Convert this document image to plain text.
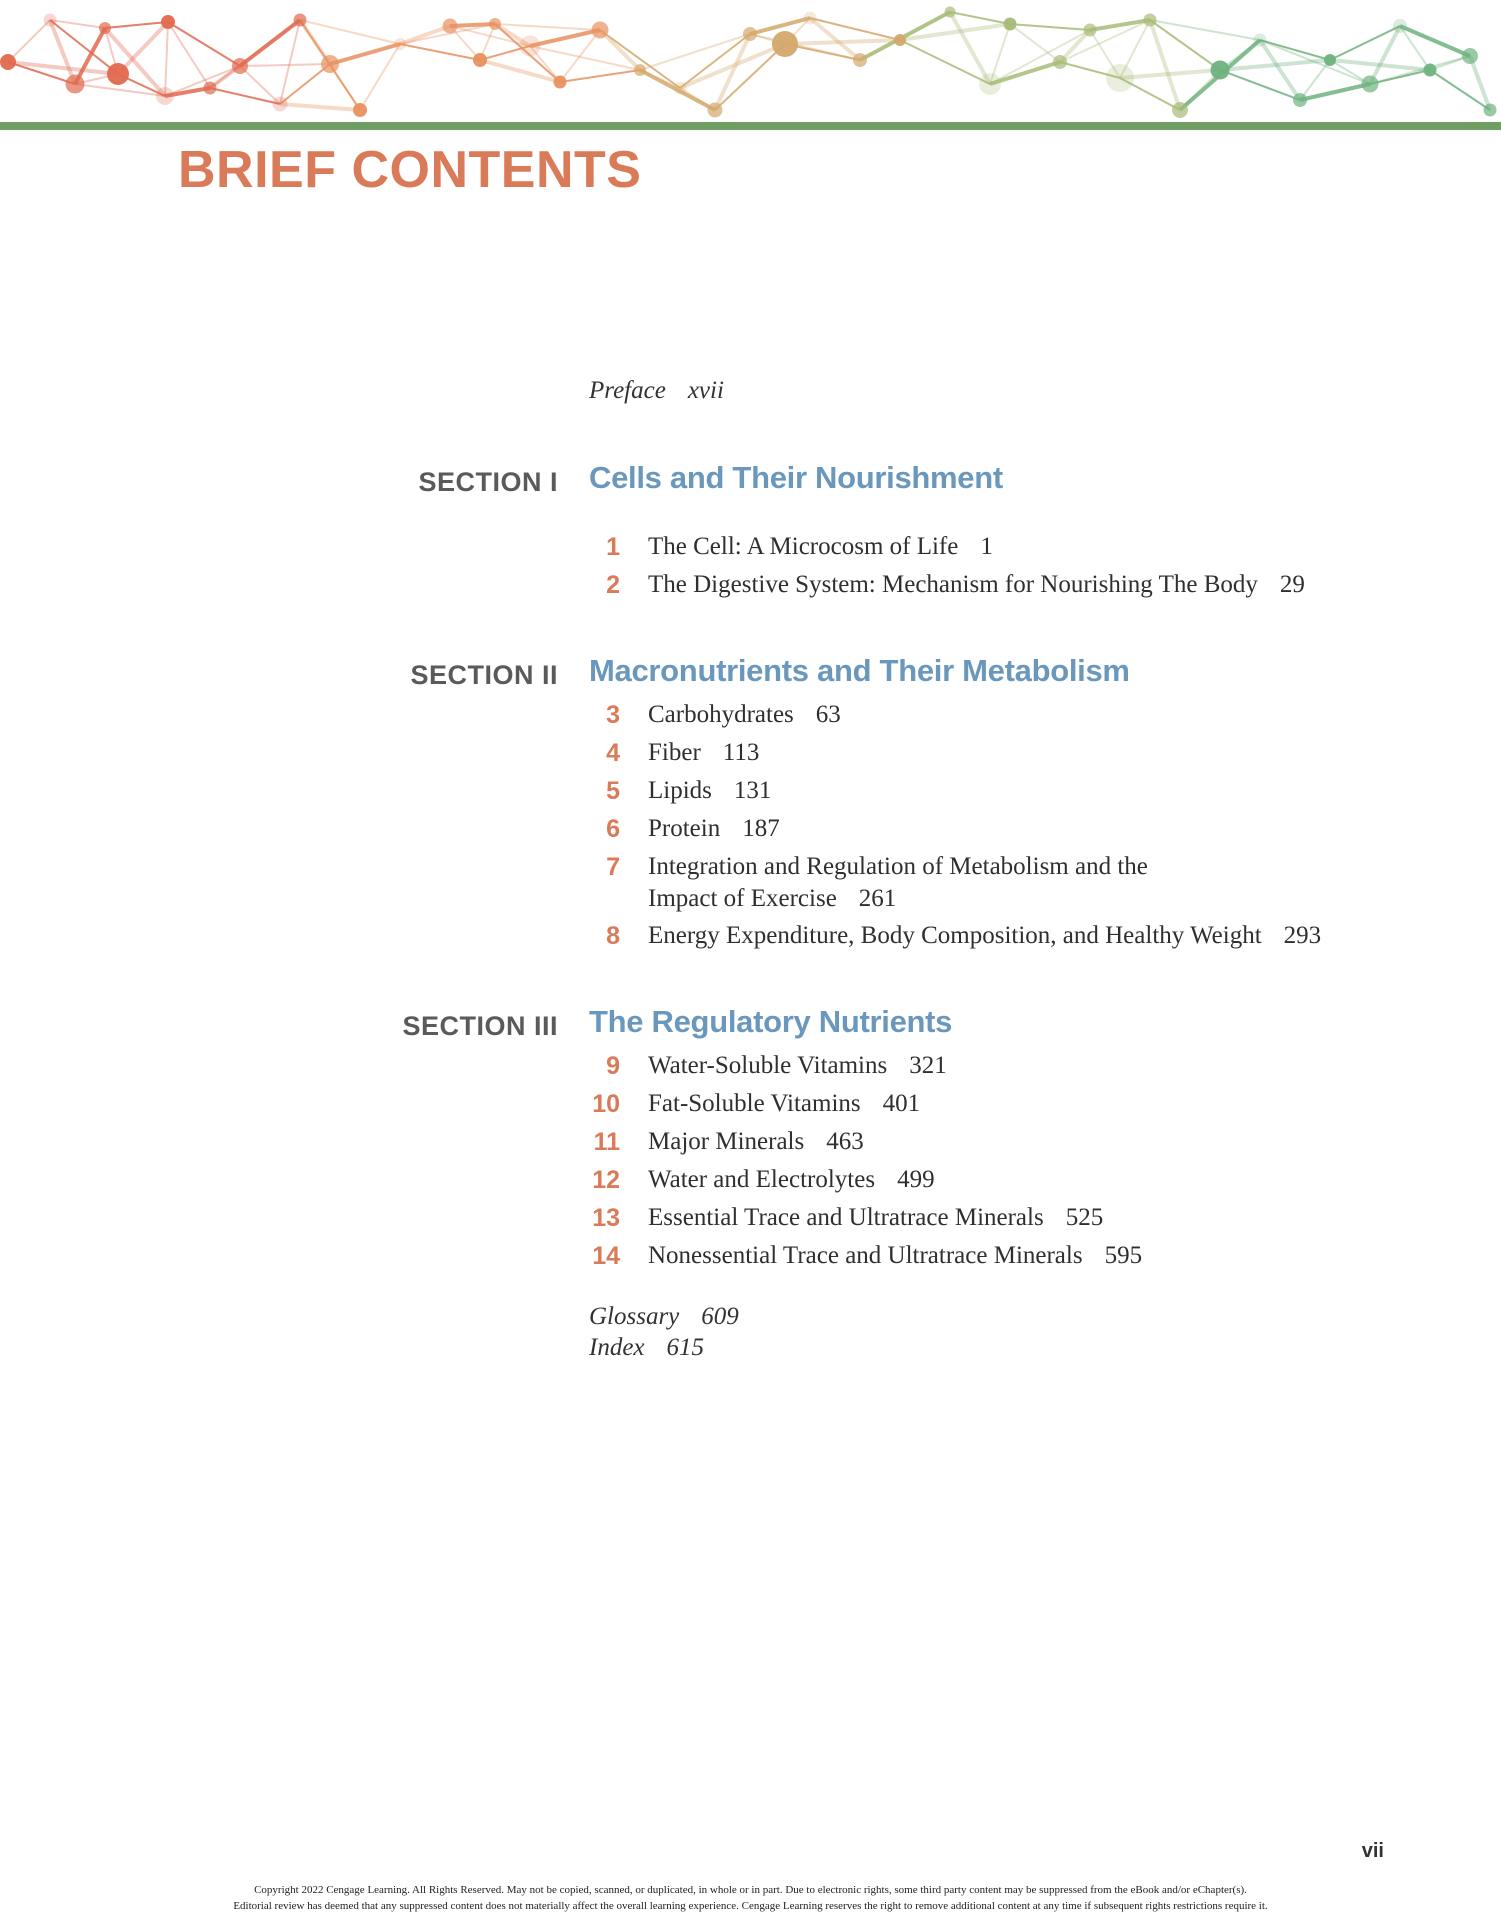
BRIEF CONTENTS
Preface xvii
SECTION I Cells and Their Nourishment
1 The Cell: A Microcosm of Life 1
2 The Digestive System: Mechanism for Nourishing The Body 29
SECTION II Macronutrients and Their Metabolism
3 Carbohydrates 63
4 Fiber 113
5 Lipids 131
6 Protein 187
7 Integration and Regulation of Metabolism and the
Impact of Exercise 261
8 Energy Expenditure, Body Composition, and Healthy Weight 293
SECTION III The Regulatory Nutrients
9 Water-Soluble Vitamins 321
10 Fat-Soluble Vitamins 401
11 Major Minerals 463
12 Water and Electrolytes 499
13 Essential Trace and Ultratrace Minerals 525
14 Nonessential Trace and Ultratrace Minerals 595
Glossary 609
Index 615
vii
Copyright 2022 Cengage Learning. All Rights Reserved. May not be copied, scanned, or duplicated, in whole or in part. Due to electronic rights, some third party content may be suppressed from the eBook and/or eChapter(s).
Editorial review has deemed that any suppressed content does not materially affect the overall learning experience. Cengage Learning reserves the right to remove additional content at any time if subsequent rights restrictions require it.
